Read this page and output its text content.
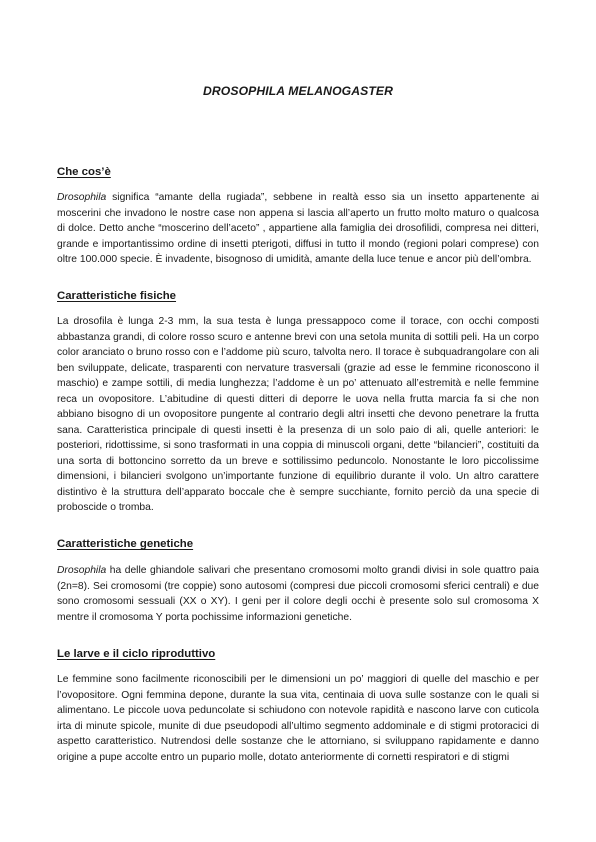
DROSOPHILA MELANOGASTER
Che cos’è
Drosophila significa “amante della rugiada”, sebbene in realtà esso sia un insetto appartenente ai moscerini che invadono le nostre case non appena si lascia all’aperto un frutto molto maturo o qualcosa di dolce. Detto anche “moscerino dell’aceto” , appartiene alla famiglia dei drosofilidi, compresa nei ditteri, grande e importantissimo ordine di insetti pterigoti, diffusi in tutto il mondo (regioni polari comprese) con oltre 100.000 specie. È invadente, bisognoso di umidità, amante della luce tenue e ancor più dell’ombra.
Caratteristiche fisiche
La drosofila è lunga 2-3 mm, la sua testa è lunga pressappoco come il torace, con occhi composti abbastanza grandi, di colore rosso scuro e antenne brevi con una setola munita di sottili peli. Ha un corpo color aranciato o bruno rosso con e l’addome più scuro, talvolta nero. Il torace è subquadrangolare con ali ben sviluppate, delicate, trasparenti con nervature trasversali (grazie ad esse le femmine riconoscono il maschio) e zampe sottili, di media lunghezza; l’addome è un po’ attenuato all’estremità e nelle femmine reca un ovopositore. L’abitudine di questi ditteri di deporre le uova nella frutta marcia fa si che non abbiano bisogno di un ovopositore pungente al contrario degli altri insetti che devono penetrare la frutta sana. Caratteristica principale di questi insetti è la presenza di un solo paio di ali, quelle anteriori: le posteriori, ridottissime, si sono trasformati in una coppia di minuscoli organi, dette “bilancieri”, costituiti da una sorta di bottoncino sorretto da un breve e sottilissimo peduncolo. Nonostante le loro piccolissime dimensioni, i bilancieri svolgono un’importante funzione di equilibrio durante il volo. Un altro carattere distintivo è la struttura dell’apparato boccale che è sempre succhiante, fornito perciò da una specie di proboscide o tromba.
Caratteristiche genetiche
Drosophila ha delle ghiandole salivari che presentano cromosomi molto grandi divisi in sole quattro paia (2n=8). Sei cromosomi (tre coppie) sono autosomi (compresi due piccoli cromosomi sferici centrali) e due sono cromosomi sessuali (XX o XY). I geni per il colore degli occhi è presente solo sul cromosoma X mentre il cromosoma Y porta pochissime informazioni genetiche.
Le larve e il ciclo riproduttivo
Le femmine sono facilmente riconoscibili per le dimensioni un po’ maggiori di quelle del maschio e per l’ovopositore. Ogni femmina depone, durante la sua vita, centinaia di uova sulle sostanze con le quali si alimentano. Le piccole uova peduncolate si schiudono con notevole rapidità e nascono larve con cuticola irta di minute spicole, munite di due pseudopodi all’ultimo segmento addominale e di stigmi protoracici di aspetto caratteristico. Nutrendosi delle sostanze che le attorniano, si sviluppano rapidamente e danno origine a pupe accolte entro un pupario molle, dotato anteriormente di cornetti respiratori e di stigmi
